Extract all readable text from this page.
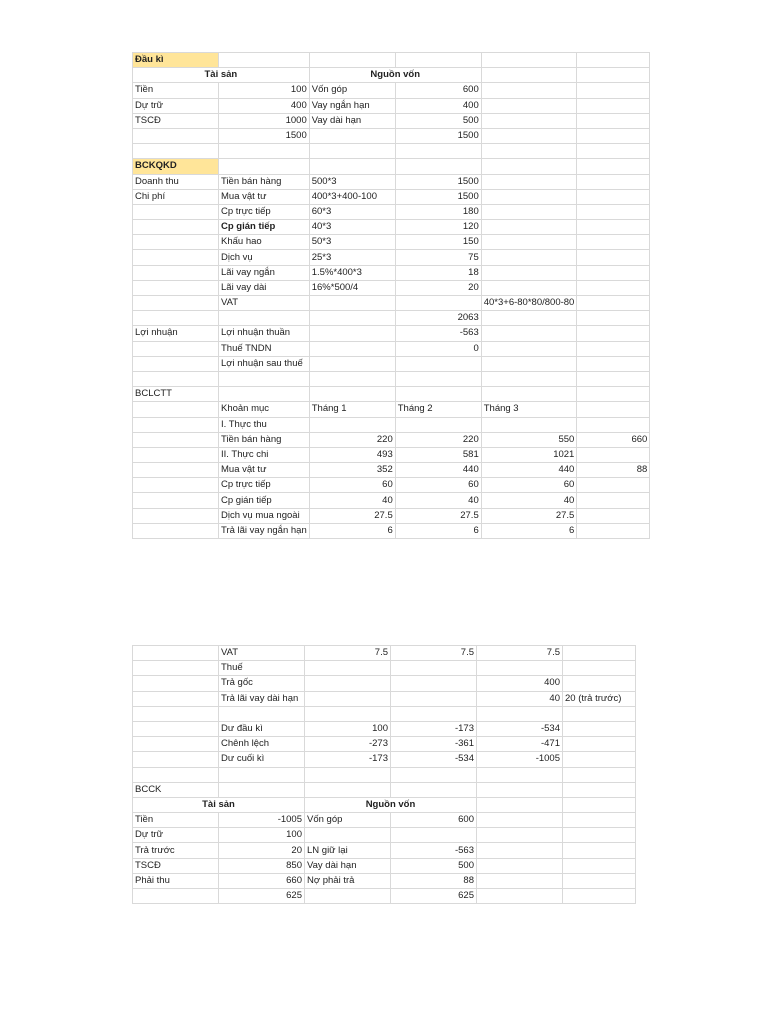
Đầu kì					
Tài sản		Nguồn vốn			
Tiền	100	Vốn góp	600		
Dự trữ	400	Vay ngắn hạn	400		
TSCĐ	1000	Vay dài hạn	500		
	1500		1500		

BCKQKD					
Doanh thu	Tiền bán hàng	500*3	1500		
Chi phí	Mua vật tư	400*3+400-100	1500		
	Cp trực tiếp	60*3	180		
	Cp gián tiếp	40*3	120		
	Khấu hao	50*3	150		
	Dịch vụ	25*3	75		
	Lãi vay ngắn	1.5%*400*3	18		
	Lãi vay dài	16%*500/4	20		
	VAT			40*3+6-80*80/800-80	
			2063		
Lợi nhuận	Lợi nhuận thuần		-563		
	Thuế TNDN		0		
	Lợi nhuận sau thuế				

BCLCTT					
	Khoản mục	Tháng 1	Tháng 2	Tháng 3	
	I. Thực thu				
	Tiền bán hàng	220	220	550	660
	II. Thực chi	493	581	1021	
	Mua vật tư	352	440	440	88
	Cp trực tiếp	60	60	60	
	Cp gián tiếp	40	40	40	
	Dịch vụ mua ngoài	27.5	27.5	27.5	
	Trả lãi vay ngắn hạn	6	6	6	
	VAT	7.5	7.5	7.5	
	Thuế				
	Trả gốc			400	
	Trả lãi vay dài hạn			40	20 (trả trước)

	Dư đầu kì	100	-173	-534	
	Chênh lệch	-273	-361	-471	
	Dư cuối kì	-173	-534	-1005	

BCCK					
Tài sản		Nguồn vốn			
Tiền	-1005	Vốn góp	600		
Dự trữ	100				
Trả trước	20	LN giữ lại	-563		
TSCĐ	850	Vay dài hạn	500		
Phải thu	660	Nợ phải trả	88		
	625		625		
